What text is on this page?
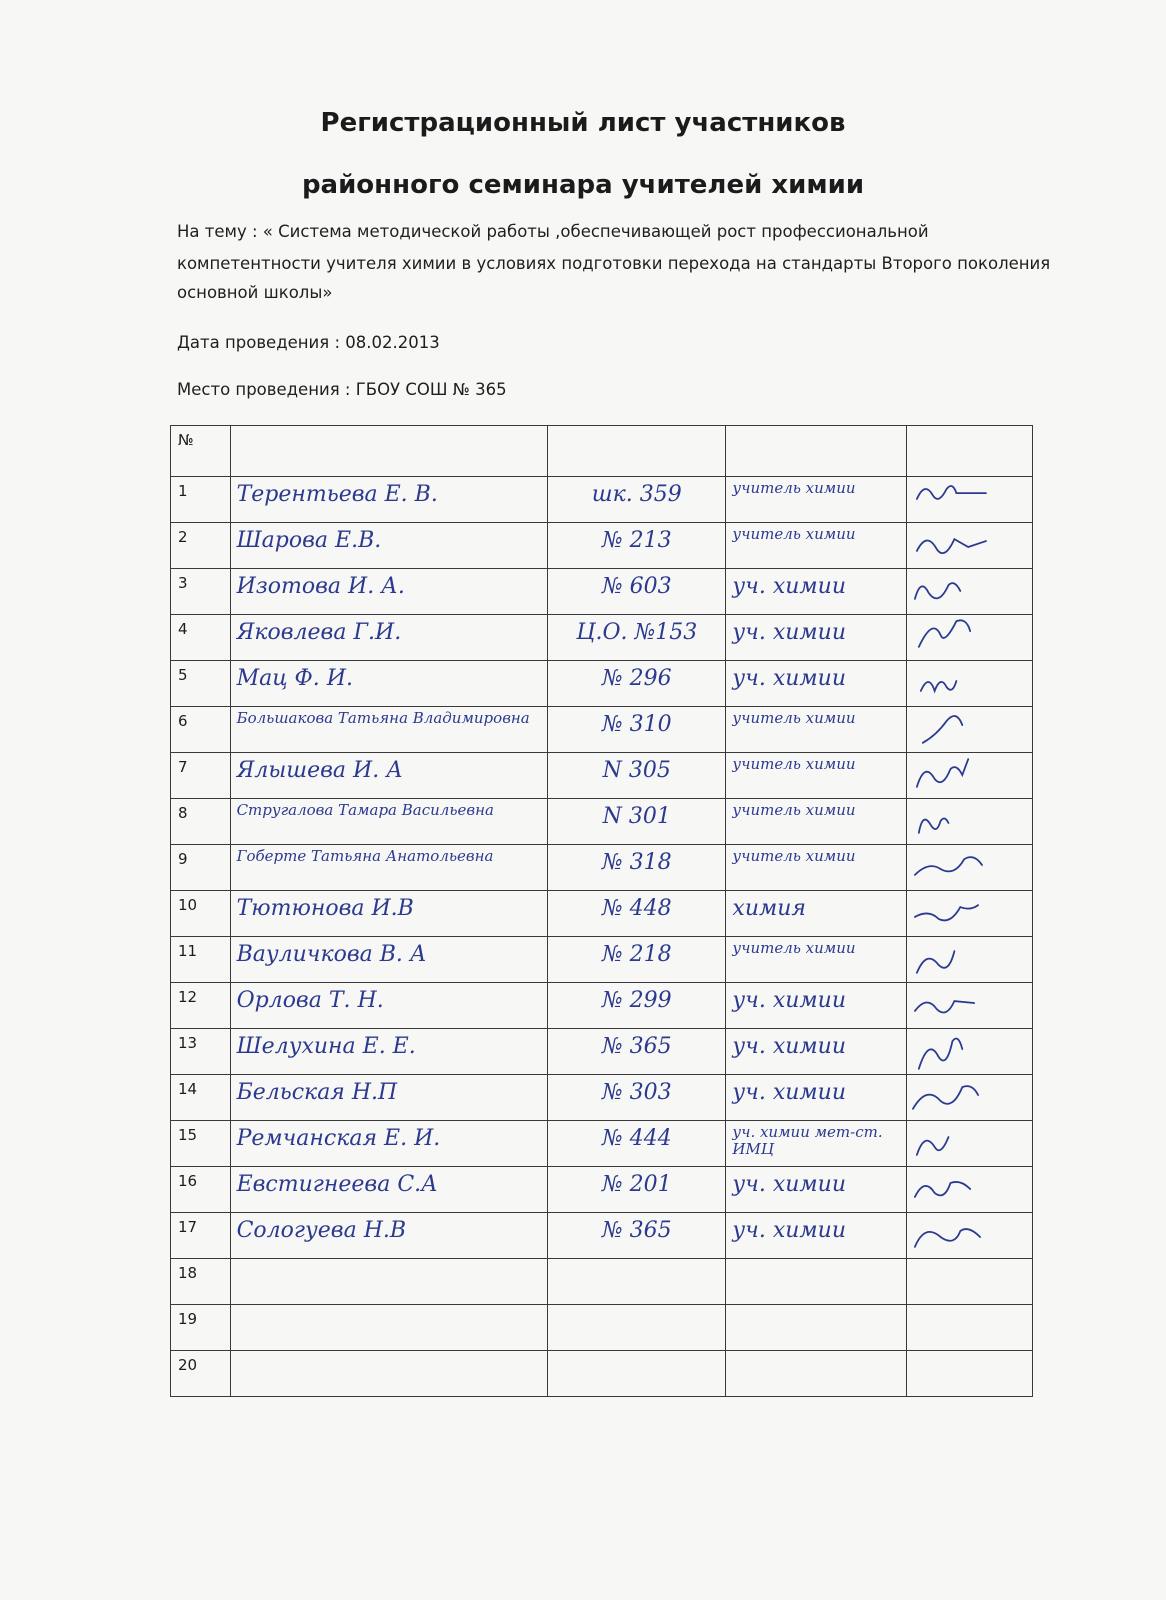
Регистрационный лист участников
районного семинара учителей химии
На тему : « Система методической работы ,обеспечивающей рост профессиональной
компетентности учителя химии в условиях подготовки перехода на стандарты Второго поколения
основной школы»
Дата проведения : 08.02.2013
Место проведения : ГБОУ СОШ № 365
№				
1	Терентьева Е. В.	шк. 359	учитель химии

2	Шарова Е.В.	№ 213	учитель химии

3	Изотова И. А.	№ 603	уч. химии

4	Яковлева Г.И.	Ц.О. №153	уч. химии

5	Мац Ф. И.	№ 296	уч. химии

6	Большакова Татьяна Владимировна	№ 310	учитель химии

7	Ялышева И. А	N 305	учитель химии

8	Стругалова Тамара Васильевна	N 301	учитель химии

9	Гоберте Татьяна Анатольевна	№ 318	учитель химии

10	Тютюнова И.В	№ 448	химия

11	Вауличкова В. А	№ 218	учитель химии

12	Орлова Т. Н.	№ 299	уч. химии

13	Шелухина Е. Е.	№ 365	уч. химии

14	Бельская Н.П	№ 303	уч. химии

15	Ремчанская Е. И.	№ 444	уч. химии мет-ст. ИМЦ

16	Евстигнеева С.А	№ 201	уч. химии

17	Сологуева Н.В	№ 365	уч. химии

18	

19	

20	
